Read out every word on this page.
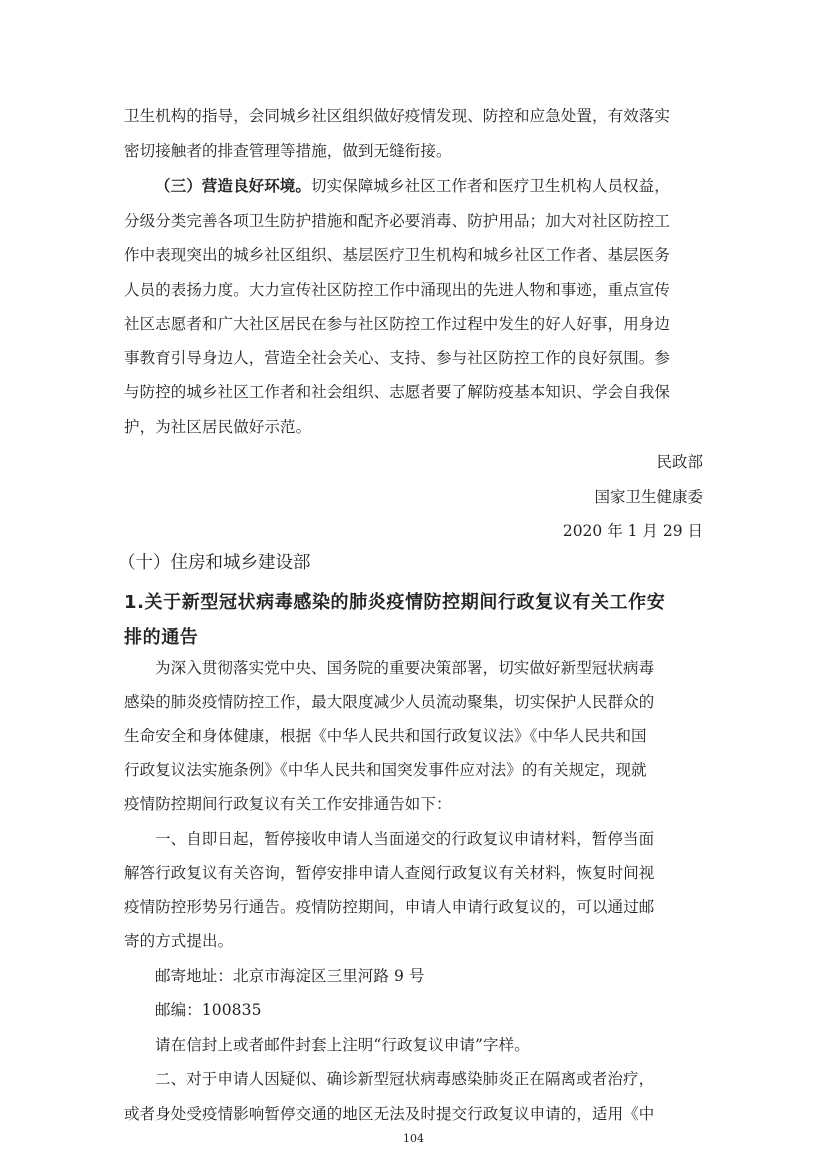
卫生机构的指导，会同城乡社区组织做好疫情发现、防控和应急处置，有效落实
密切接触者的排查管理等措施，做到无缝衔接。
（三）营造良好环境。切实保障城乡社区工作者和医疗卫生机构人员权益，
分级分类完善各项卫生防护措施和配齐必要消毒、防护用品；加大对社区防控工
作中表现突出的城乡社区组织、基层医疗卫生机构和城乡社区工作者、基层医务
人员的表扬力度。大力宣传社区防控工作中涌现出的先进人物和事迹，重点宣传
社区志愿者和广大社区居民在参与社区防控工作过程中发生的好人好事，用身边
事教育引导身边人，营造全社会关心、支持、参与社区防控工作的良好氛围。参
与防控的城乡社区工作者和社会组织、志愿者要了解防疫基本知识、学会自我保
护，为社区居民做好示范。
民政部
国家卫生健康委
2020 年 1 月 29 日
（十）住房和城乡建设部
1.关于新型冠状病毒感染的肺炎疫情防控期间行政复议有关工作安
排的通告
为深入贯彻落实党中央、国务院的重要决策部署，切实做好新型冠状病毒
感染的肺炎疫情防控工作，最大限度减少人员流动聚集，切实保护人民群众的
生命安全和身体健康，根据《中华人民共和国行政复议法》《中华人民共和国
行政复议法实施条例》《中华人民共和国突发事件应对法》的有关规定，现就
疫情防控期间行政复议有关工作安排通告如下：
一、自即日起，暂停接收申请人当面递交的行政复议申请材料，暂停当面
解答行政复议有关咨询，暂停安排申请人查阅行政复议有关材料，恢复时间视
疫情防控形势另行通告。疫情防控期间，申请人申请行政复议的，可以通过邮
寄的方式提出。
邮寄地址：北京市海淀区三里河路 9 号
邮编：100835
请在信封上或者邮件封套上注明“行政复议申请”字样。
二、对于申请人因疑似、确诊新型冠状病毒感染肺炎正在隔离或者治疗，
或者身处受疫情影响暂停交通的地区无法及时提交行政复议申请的，适用《中
104
